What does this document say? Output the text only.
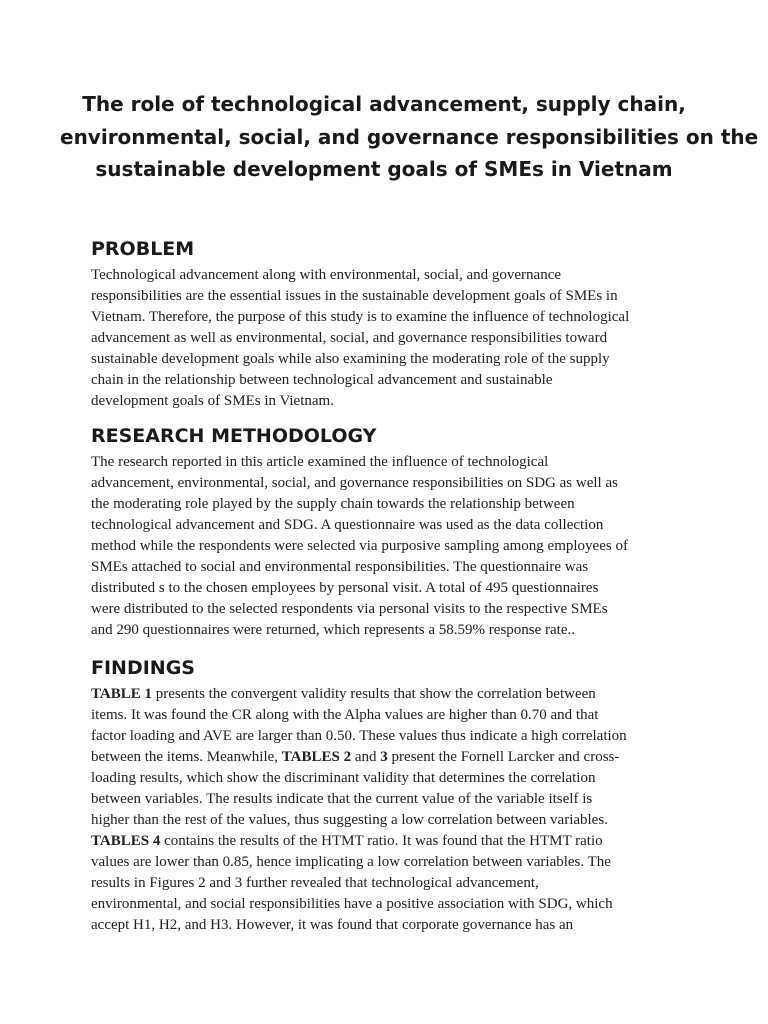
The role of technological advancement, supply chain,
environmental, social, and governance responsibilities on the
sustainable development goals of SMEs in Vietnam
PROBLEM
Technological advancement along with environmental, social, and governance
responsibilities are the essential issues in the sustainable development goals of SMEs in
Vietnam. Therefore, the purpose of this study is to examine the influence of technological
advancement as well as environmental, social, and governance responsibilities toward
sustainable development goals while also examining the moderating role of the supply
chain in the relationship between technological advancement and sustainable
development goals of SMEs in Vietnam.
RESEARCH METHODOLOGY
The research reported in this article examined the influence of technological
advancement, environmental, social, and governance responsibilities on SDG as well as
the moderating role played by the supply chain towards the relationship between
technological advancement and SDG. A questionnaire was used as the data collection
method while the respondents were selected via purposive sampling among employees of
SMEs attached to social and environmental responsibilities. The questionnaire was
distributed s to the chosen employees by personal visit. A total of 495 questionnaires
were distributed to the selected respondents via personal visits to the respective SMEs
and 290 questionnaires were returned, which represents a 58.59% response rate..
FINDINGS
TABLE 1 presents the convergent validity results that show the correlation between
items. It was found the CR along with the Alpha values are higher than 0.70 and that
factor loading and AVE are larger than 0.50. These values thus indicate a high correlation
between the items. Meanwhile, TABLES 2 and 3 present the Fornell Larcker and cross-
loading results, which show the discriminant validity that determines the correlation
between variables. The results indicate that the current value of the variable itself is
higher than the rest of the values, thus suggesting a low correlation between variables.
TABLES 4 contains the results of the HTMT ratio. It was found that the HTMT ratio
values are lower than 0.85, hence implicating a low correlation between variables. The
results in Figures 2 and 3 further revealed that technological advancement,
environmental, and social responsibilities have a positive association with SDG, which
accept H1, H2, and H3. However, it was found that corporate governance has an
